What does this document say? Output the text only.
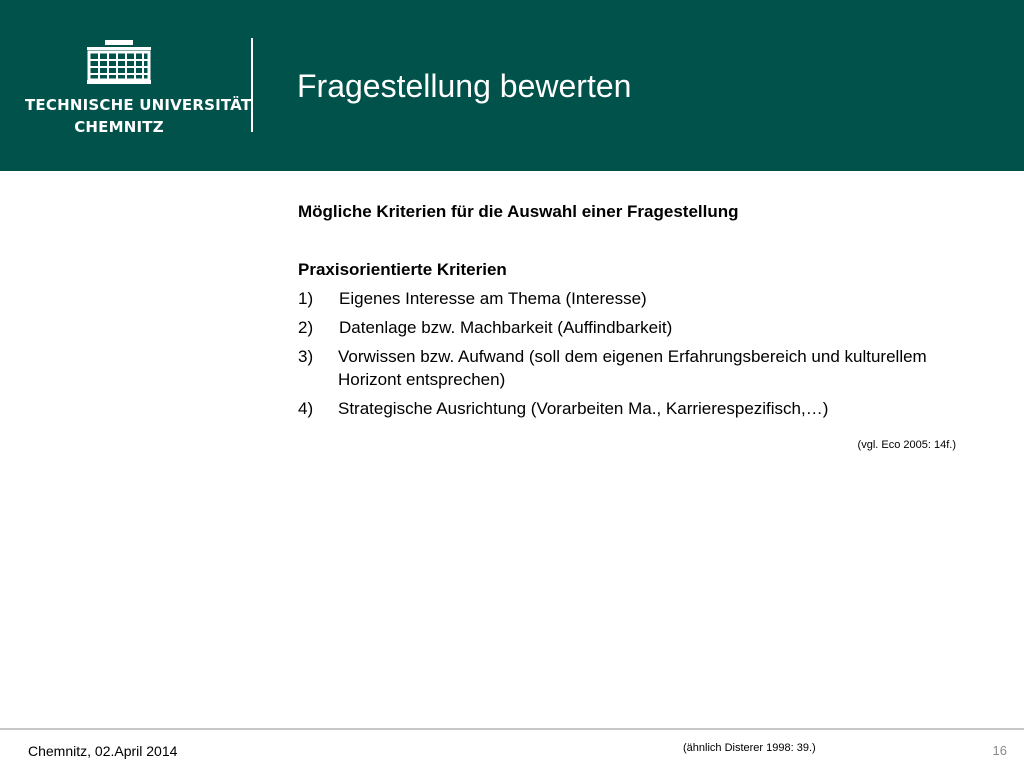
TECHNISCHE UNIVERSITÄT
CHEMNITZ
Fragestellung bewerten

Mögliche Kriterien für die Auswahl einer Fragestellung

Praxisorientierte Kriterien

1)	Eigenes Interesse am Thema (Interesse)
2)	Datenlage bzw. Machbarkeit (Auffindbarkeit)
3)	Vorwissen bzw. Aufwand (soll dem eigenen Erfahrungsbereich und kulturellem Horizont entsprechen)
4)	Strategische Ausrichtung (Vorarbeiten Ma., Karrierespezifisch,…)
(vgl. Eco 2005: 14f.)
Chemnitz, 02.April 2014	(ähnlich Disterer 1998: 39.)	16
